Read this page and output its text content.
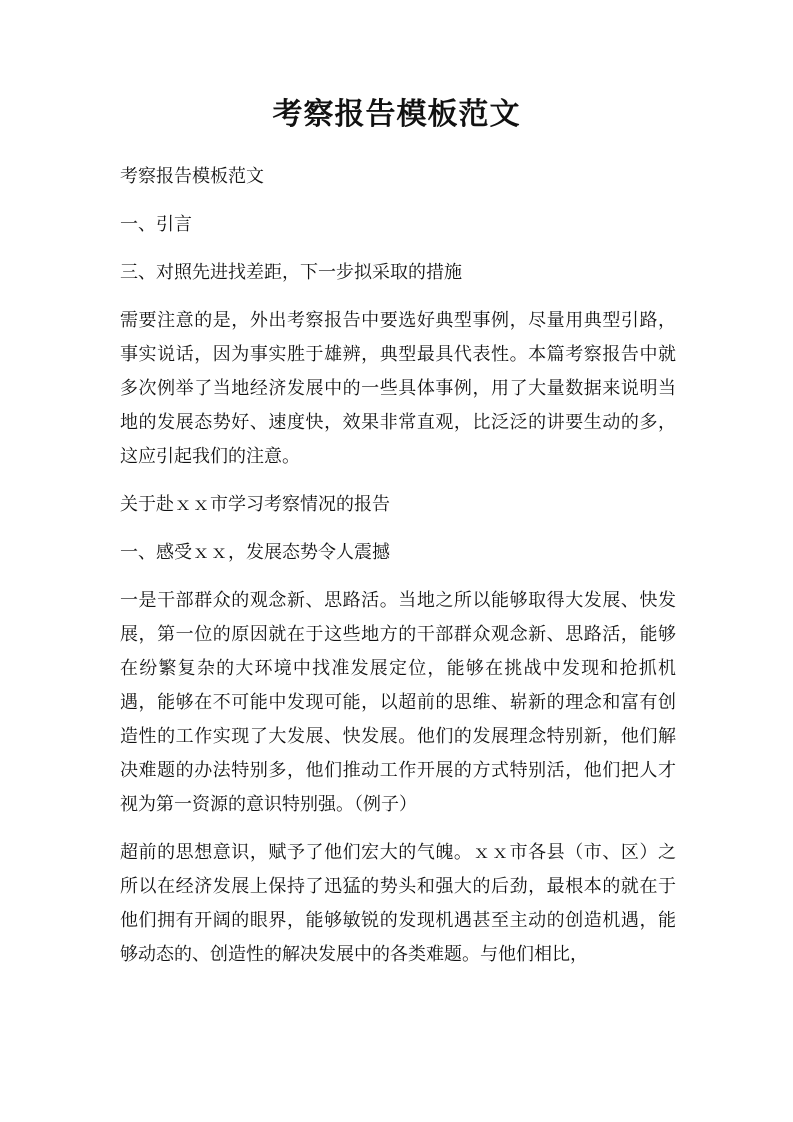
考察报告模板范文

考察报告模板范文

一、引言

三、对照先进找差距，下一步拟采取的措施

需要注意的是，外出考察报告中要选好典型事例，尽量用典型引路，事实说话，因为事实胜于雄辨，典型最具代表性。本篇考察报告中就多次例举了当地经济发展中的一些具体事例，用了大量数据来说明当地的发展态势好、速度快，效果非常直观，比泛泛的讲要生动的多，这应引起我们的注意。

关于赴ｘｘ市学习考察情况的报告

一、感受ｘｘ，发展态势令人震撼

一是干部群众的观念新、思路活。当地之所以能够取得大发展、快发展，第一位的原因就在于这些地方的干部群众观念新、思路活，能够在纷繁复杂的大环境中找准发展定位，能够在挑战中发现和抢抓机遇，能够在不可能中发现可能，以超前的思维、崭新的理念和富有创造性的工作实现了大发展、快发展。他们的发展理念特别新，他们解决难题的办法特别多，他们推动工作开展的方式特别活，他们把人才视为第一资源的意识特别强。（例子）

超前的思想意识，赋予了他们宏大的气魄。ｘｘ市各县（市、区）之所以在经济发展上保持了迅猛的势头和强大的后劲，最根本的就在于他们拥有开阔的眼界，能够敏锐的发现机遇甚至主动的创造机遇，能够动态的、创造性的解决发展中的各类难题。与他们相比，
